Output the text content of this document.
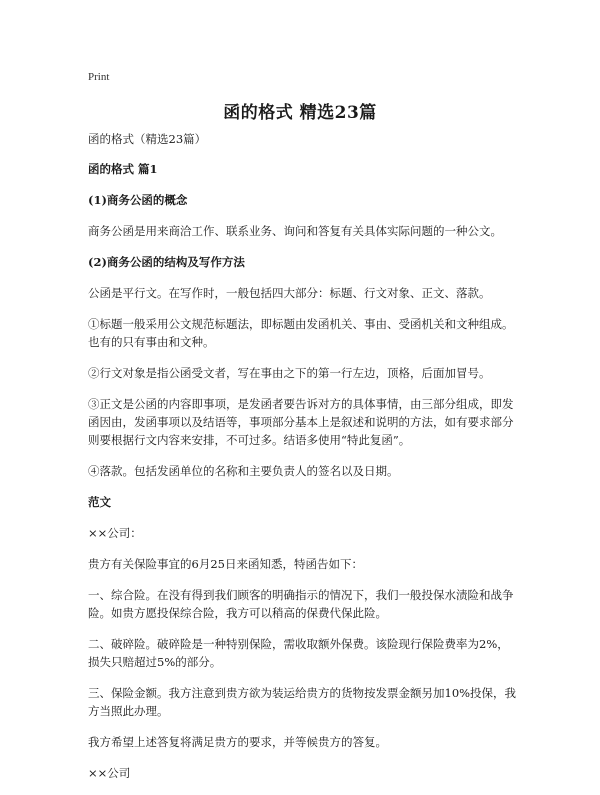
Print
函的格式 精选23篇

函的格式（精选23篇）

函的格式 篇1

(1)商务公函的概念

商务公函是用来商洽工作、联系业务、询问和答复有关具体实际问题的一种公文。

(2)商务公函的结构及写作方法

公函是平行文。在写作时，一般包括四大部分：标题、行文对象、正文、落款。

①标题一般采用公文规范标题法，即标题由发函机关、事由、受函机关和文种组成。也有的只有事由和文种。

②行文对象是指公函受文者，写在事由之下的第一行左边，顶格，后面加冒号。

③正文是公函的内容即事项，是发函者要告诉对方的具体事情，由三部分组成，即发函因由，发函事项以及结语等，事项部分基本上是叙述和说明的方法，如有要求部分则要根据行文内容来安排，不可过多。结语多使用“特此复函”。

④落款。包括发函单位的名称和主要负责人的签名以及日期。

范文

××公司：

贵方有关保险事宜的6月25日来函知悉，特函告如下：

一、综合险。在没有得到我们顾客的明确指示的情况下，我们一般投保水渍险和战争险。如贵方愿投保综合险，我方可以稍高的保费代保此险。

二、破碎险。破碎险是一种特别保险，需收取额外保费。该险现行保险费率为2%，损失只赔超过5%的部分。

三、保险金额。我方注意到贵方欲为装运给贵方的货物按发票金额另加10%投保，我方当照此办理。

我方希望上述答复将满足贵方的要求，并等候贵方的答复。

××公司
